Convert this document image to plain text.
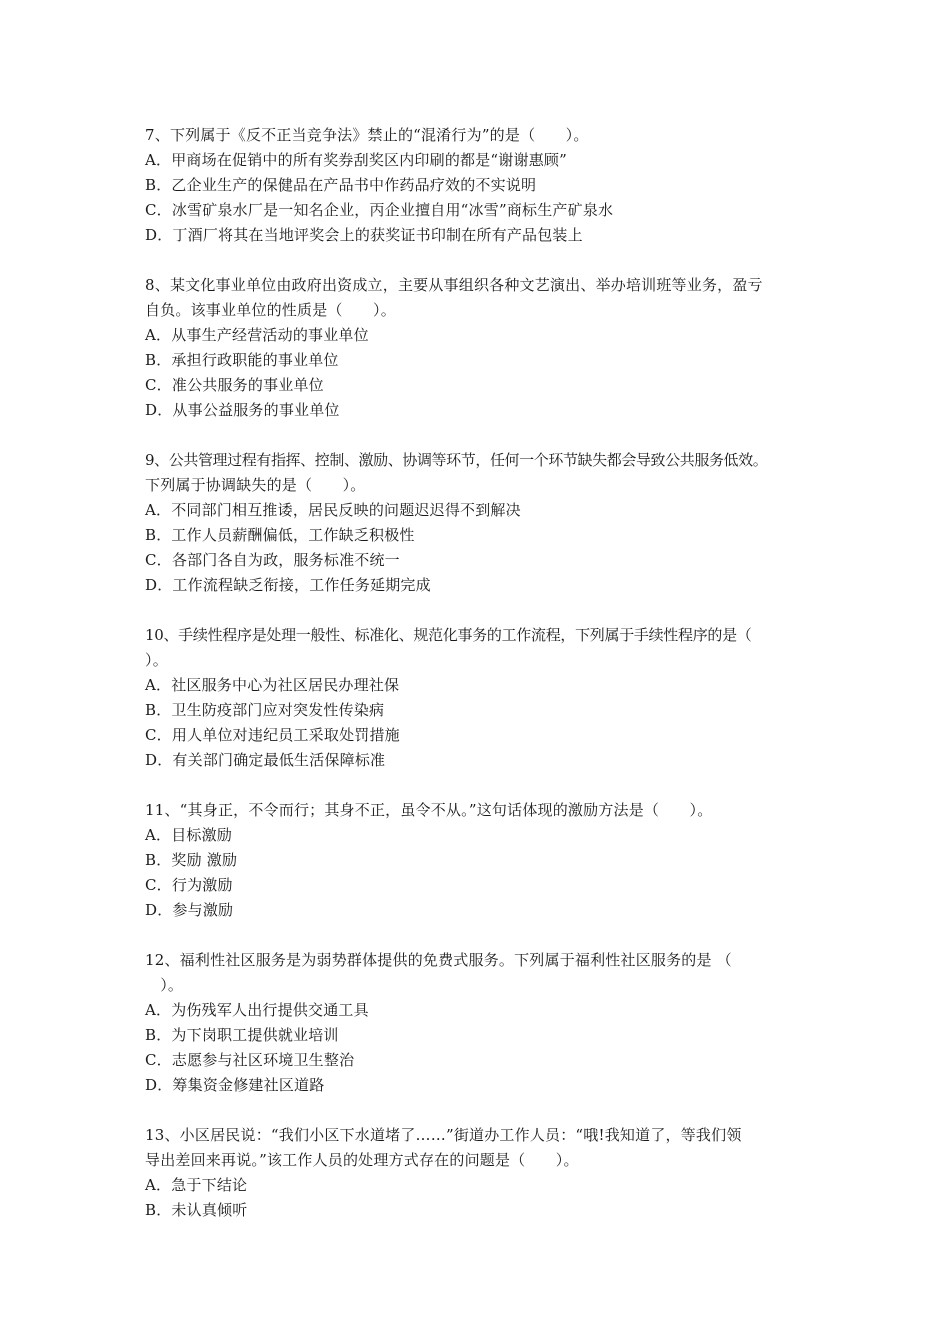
7、下列属于《反不正当竞争法》禁止的“混淆行为”的是（　　）。
A．甲商场在促销中的所有奖券刮奖区内印刷的都是“谢谢惠顾”
B．乙企业生产的保健品在产品书中作药品疗效的不实说明
C．冰雪矿泉水厂是一知名企业，丙企业擅自用“冰雪”商标生产矿泉水
D．丁酒厂将其在当地评奖会上的获奖证书印制在所有产品包装上
8、某文化事业单位由政府出资成立，主要从事组织各种文艺演出、举办培训班等业务，盈亏
自负。该事业单位的性质是（　　）。
A．从事生产经营活动的事业单位
B．承担行政职能的事业单位
C．准公共服务的事业单位
D．从事公益服务的事业单位
9、公共管理过程有指挥、控制、激励、协调等环节，任何一个环节缺失都会导致公共服务低效。
下列属于协调缺失的是（　　）。
A．不同部门相互推诿，居民反映的问题迟迟得不到解决
B．工作人员薪酬偏低，工作缺乏积极性
C．各部门各自为政，服务标准不统一
D．工作流程缺乏衔接，工作任务延期完成
10、手续性程序是处理一般性、标准化、规范化事务的工作流程，下列属于手续性程序的是（
）。
A．社区服务中心为社区居民办理社保
B．卫生防疫部门应对突发性传染病
C．用人单位对违纪员工采取处罚措施
D．有关部门确定最低生活保障标准
11、“其身正，不令而行；其身不正，虽令不从。”这句话体现的激励方法是（　　）。
A．目标激励
B．奖励 激励
C．行为激励
D．参与激励
12、福利性社区服务是为弱势群体提供的免费式服务。下列属于福利性社区服务的是 （
　）。
A．为伤残军人出行提供交通工具
B．为下岗职工提供就业培训
C．志愿参与社区环境卫生整治
D．筹集资金修建社区道路
13、小区居民说：“我们小区下水道堵了……”街道办工作人员：“哦!我知道了，等我们领
导出差回来再说。”该工作人员的处理方式存在的问题是（　　）。
A．急于下结论
B．未认真倾听
